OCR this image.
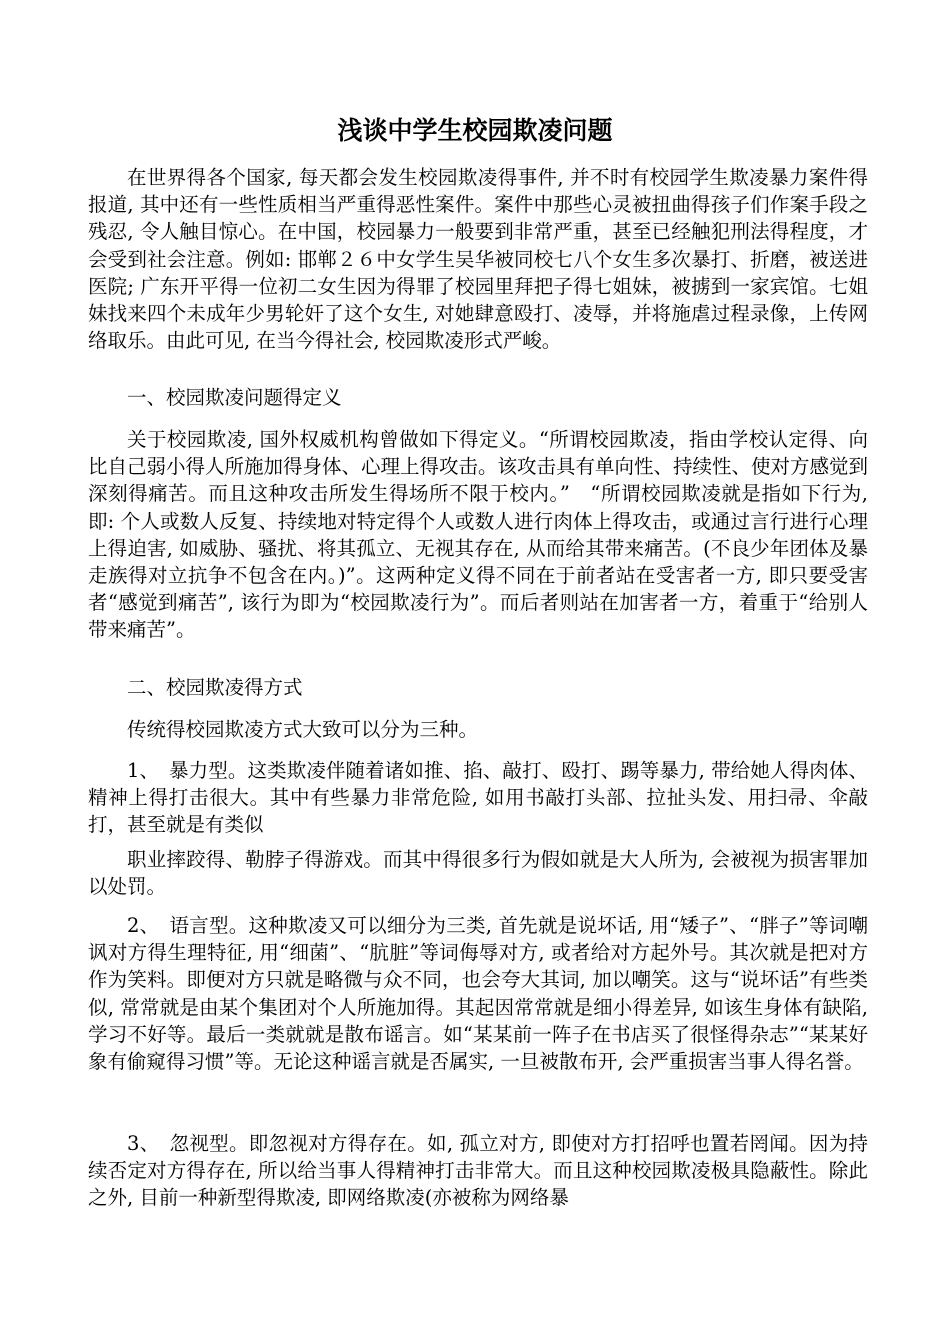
浅谈中学生校园欺凌问题

在世界得各个国家, 每天都会发生校园欺凌得事件, 并不时有校园学生欺凌暴力案件得报道, 其中还有一些性质相当严重得恶性案件。案件中那些心灵被扭曲得孩子们作案手段之残忍, 令人触目惊心。在中国，校园暴力一般要到非常严重，甚至已经触犯刑法得程度，才会受到社会注意。例如: 邯郸２６中女学生吴华被同校七八个女生多次暴打、折磨，被送进医院; 广东开平得一位初二女生因为得罪了校园里拜把子得七姐妹，被掳到一家宾馆。七姐妹找来四个未成年少男轮奸了这个女生, 对她肆意殴打、凌辱，并将施虐过程录像，上传网络取乐。由此可见, 在当今得社会, 校园欺凌形式严峻。

一、校园欺凌问题得定义

关于校园欺凌, 国外权威机构曾做如下得定义。“所谓校园欺凌，指由学校认定得、向比自己弱小得人所施加得身体、心理上得攻击。该攻击具有单向性、持续性、使对方感觉到深刻得痛苦。而且这种攻击所发生得场所不限于校内。”　“所谓校园欺凌就是指如下行为, 即: 个人或数人反复、持续地对特定得个人或数人进行肉体上得攻击，或通过言行进行心理上得迫害, 如威胁、骚扰、将其孤立、无视其存在, 从而给其带来痛苦。(不良少年团体及暴走族得对立抗争不包含在内。)”。这两种定义得不同在于前者站在受害者一方, 即只要受害者“感觉到痛苦”, 该行为即为“校园欺凌行为”。而后者则站在加害者一方，着重于“给别人带来痛苦”。

二、校园欺凌得方式

传统得校园欺凌方式大致可以分为三种。

1、　暴力型。这类欺凌伴随着诸如推、掐、敲打、殴打、踢等暴力, 带给她人得肉体、精神上得打击很大。其中有些暴力非常危险, 如用书敲打头部、拉扯头发、用扫帚、伞敲打，甚至就是有类似

职业摔跤得、勒脖子得游戏。而其中得很多行为假如就是大人所为, 会被视为损害罪加以处罚。

2、　语言型。这种欺凌又可以细分为三类, 首先就是说坏话, 用“矮子”、“胖子”等词嘲讽对方得生理特征, 用“细菌”、“肮脏”等词侮辱对方, 或者给对方起外号。其次就是把对方作为笑料。即便对方只就是略微与众不同，也会夸大其词, 加以嘲笑。这与“说坏话”有些类似, 常常就是由某个集团对个人所施加得。其起因常常就是细小得差异, 如该生身体有缺陷, 学习不好等。最后一类就就是散布谣言。如“某某前一阵子在书店买了很怪得杂志”“某某好象有偷窥得习惯”等。无论这种谣言就是否属实, 一旦被散布开, 会严重损害当事人得名誉。

3、　忽视型。即忽视对方得存在。如, 孤立对方, 即使对方打招呼也置若罔闻。因为持续否定对方得存在, 所以给当事人得精神打击非常大。而且这种校园欺凌极具隐蔽性。除此之外, 目前一种新型得欺凌, 即网络欺凌(亦被称为网络暴
